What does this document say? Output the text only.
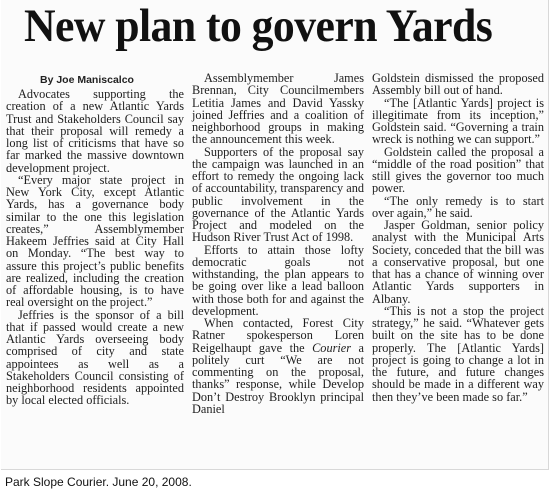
New plan to govern Yards
By Joe Maniscalco

Advocates supporting the creation of a new Atlantic Yards Trust and Stakeholders Council say that their proposal will remedy a long list of criticisms that have so far marked the massive downtown development project.

“Every major state project in New York City, except Atlantic Yards, has a governance body similar to the one this legislation creates,” Assemblymember Hakeem Jeffries said at City Hall on Monday. “The best way to assure this project’s public benefits are realized, including the creation of affordable housing, is to have real oversight on the project.”

Jeffries is the sponsor of a bill that if passed would create a new Atlantic Yards overseeing body comprised of city and state appointees as well as a Stakeholders Council consisting of neighborhood residents appointed by local elected officials.

Assemblymember James Brennan, City Councilmembers Letitia James and David Yassky joined Jeffries and a coalition of neighborhood groups in making the announcement this week.

Supporters of the proposal say the campaign was launched in an effort to remedy the ongoing lack of accountability, transparency and public involvement in the governance of the Atlantic Yards Project and modeled on the Hudson River Trust Act of 1998.

Efforts to attain those lofty democratic goals not withstanding, the plan appears to be going over like a lead balloon with those both for and against the development.

When contacted, Forest City Ratner spokesperson Loren Reigelhaupt gave the Courier a politely curt “We are not commenting on the proposal, thanks” response, while Develop Don’t Destroy Brooklyn principal Daniel

Goldstein dismissed the proposed Assembly bill out of hand.

“The [Atlantic Yards] project is illegitimate from its inception,” Goldstein said. “Governing a train wreck is nothing we can support.”

Goldstein called the proposal a “middle of the road position” that still gives the governor too much power.

“The only remedy is to start over again,” he said.

Jasper Goldman, senior policy analyst with the Municipal Arts Society, conceded that the bill was a conservative proposal, but one that has a chance of winning over Atlantic Yards supporters in Albany.

“This is not a stop the project strategy,” he said. “Whatever gets built on the site has to be done properly. The [Atlantic Yards] project is going to change a lot in the future, and future changes should be made in a different way then they’ve been made so far.”

Park Slope Courier. June 20, 2008.
